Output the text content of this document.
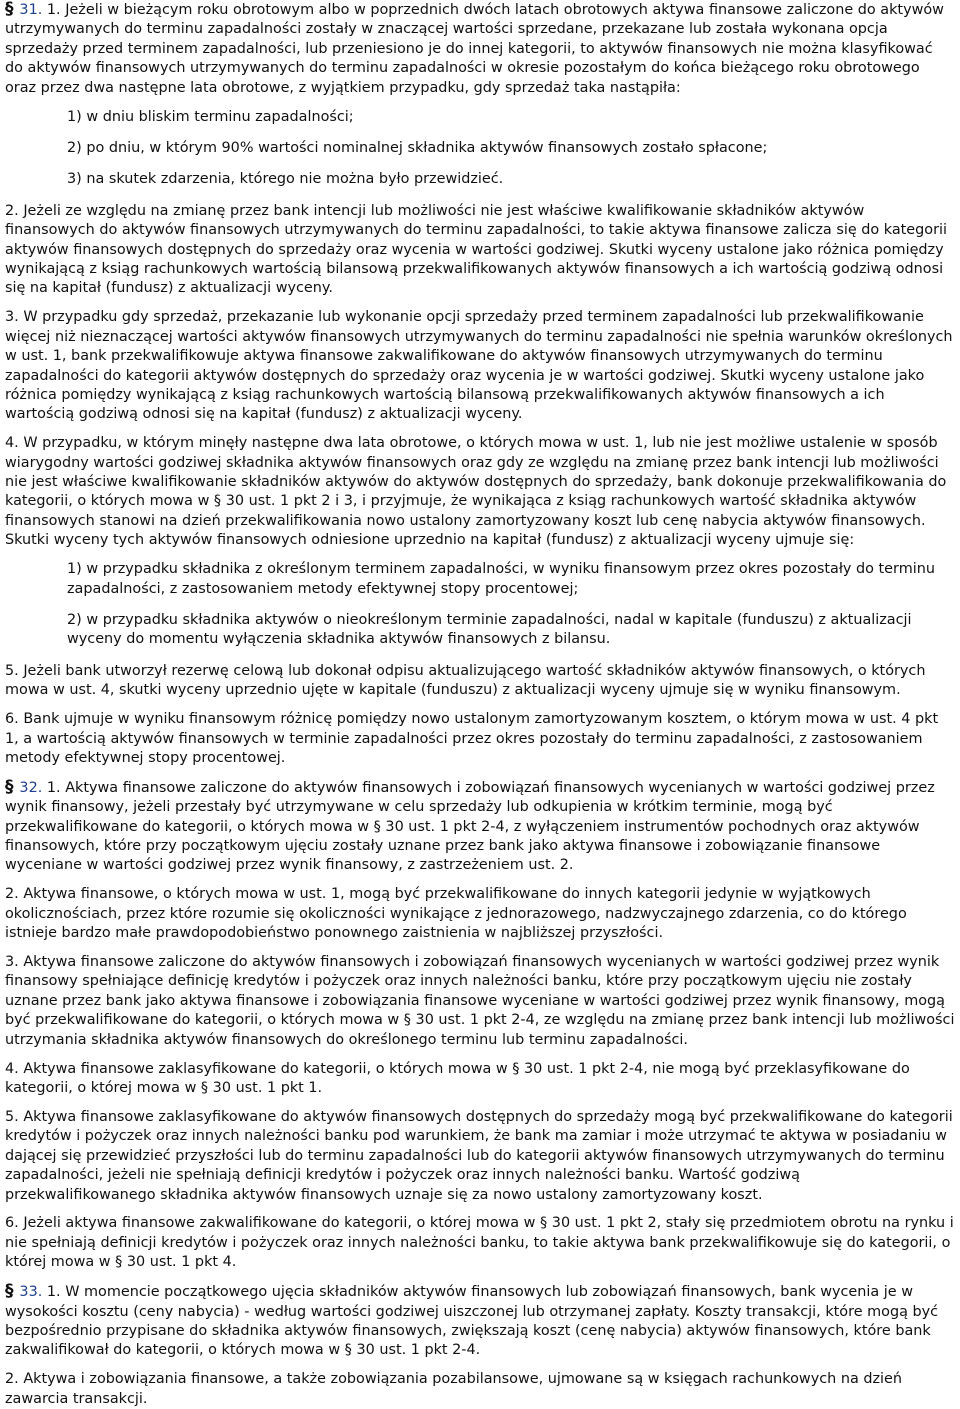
§ 31. 1. Jeżeli w bieżącym roku obrotowym albo w poprzednich dwóch latach obrotowych aktywa finansowe zaliczone do aktywów utrzymywanych do terminu zapadalności zostały w znaczącej wartości sprzedane, przekazane lub została wykonana opcja sprzedaży przed terminem zapadalności, lub przeniesiono je do innej kategorii, to aktywów finansowych nie można klasyfikować do aktywów finansowych utrzymywanych do terminu zapadalności w okresie pozostałym do końca bieżącego roku obrotowego oraz przez dwa następne lata obrotowe, z wyjątkiem przypadku, gdy sprzedaż taka nastąpiła:

1) w dniu bliskim terminu zapadalności;

2) po dniu, w którym 90% wartości nominalnej składnika aktywów finansowych zostało spłacone;

3) na skutek zdarzenia, którego nie można było przewidzieć.

2. Jeżeli ze względu na zmianę przez bank intencji lub możliwości nie jest właściwe kwalifikowanie składników aktywów finansowych do aktywów finansowych utrzymywanych do terminu zapadalności, to takie aktywa finansowe zalicza się do kategorii aktywów finansowych dostępnych do sprzedaży oraz wycenia w wartości godziwej. Skutki wyceny ustalone jako różnica pomiędzy wynikającą z ksiąg rachunkowych wartością bilansową przekwalifikowanych aktywów finansowych a ich wartością godziwą odnosi się na kapitał (fundusz) z aktualizacji wyceny.

3. W przypadku gdy sprzedaż, przekazanie lub wykonanie opcji sprzedaży przed terminem zapadalności lub przekwalifikowanie więcej niż nieznaczącej wartości aktywów finansowych utrzymywanych do terminu zapadalności nie spełnia warunków określonych w ust. 1, bank przekwalifikowuje aktywa finansowe zakwalifikowane do aktywów finansowych utrzymywanych do terminu zapadalności do kategorii aktywów dostępnych do sprzedaży oraz wycenia je w wartości godziwej. Skutki wyceny ustalone jako różnica pomiędzy wynikającą z ksiąg rachunkowych wartością bilansową przekwalifikowanych aktywów finansowych a ich wartością godziwą odnosi się na kapitał (fundusz) z aktualizacji wyceny.

4. W przypadku, w którym minęły następne dwa lata obrotowe, o których mowa w ust. 1, lub nie jest możliwe ustalenie w sposób wiarygodny wartości godziwej składnika aktywów finansowych oraz gdy ze względu na zmianę przez bank intencji lub możliwości nie jest właściwe kwalifikowanie składników aktywów do aktywów dostępnych do sprzedaży, bank dokonuje przekwalifikowania do kategorii, o których mowa w § 30 ust. 1 pkt 2 i 3, i przyjmuje, że wynikająca z ksiąg rachunkowych wartość składnika aktywów finansowych stanowi na dzień przekwalifikowania nowo ustalony zamortyzowany koszt lub cenę nabycia aktywów finansowych. Skutki wyceny tych aktywów finansowych odniesione uprzednio na kapitał (fundusz) z aktualizacji wyceny ujmuje się:

1) w przypadku składnika z określonym terminem zapadalności, w wyniku finansowym przez okres pozostały do terminu zapadalności, z zastosowaniem metody efektywnej stopy procentowej;

2) w przypadku składnika aktywów o nieokreślonym terminie zapadalności, nadal w kapitale (funduszu) z aktualizacji wyceny do momentu wyłączenia składnika aktywów finansowych z bilansu.

5. Jeżeli bank utworzył rezerwę celową lub dokonał odpisu aktualizującego wartość składników aktywów finansowych, o których mowa w ust. 4, skutki wyceny uprzednio ujęte w kapitale (funduszu) z aktualizacji wyceny ujmuje się w wyniku finansowym.

6. Bank ujmuje w wyniku finansowym różnicę pomiędzy nowo ustalonym zamortyzowanym kosztem, o którym mowa w ust. 4 pkt 1, a wartością aktywów finansowych w terminie zapadalności przez okres pozostały do terminu zapadalności, z zastosowaniem metody efektywnej stopy procentowej.

§ 32. 1. Aktywa finansowe zaliczone do aktywów finansowych i zobowiązań finansowych wycenianych w wartości godziwej przez wynik finansowy, jeżeli przestały być utrzymywane w celu sprzedaży lub odkupienia w krótkim terminie, mogą być przekwalifikowane do kategorii, o których mowa w § 30 ust. 1 pkt 2-4, z wyłączeniem instrumentów pochodnych oraz aktywów finansowych, które przy początkowym ujęciu zostały uznane przez bank jako aktywa finansowe i zobowiązanie finansowe wyceniane w wartości godziwej przez wynik finansowy, z zastrzeżeniem ust. 2.

2. Aktywa finansowe, o których mowa w ust. 1, mogą być przekwalifikowane do innych kategorii jedynie w wyjątkowych okolicznościach, przez które rozumie się okoliczności wynikające z jednorazowego, nadzwyczajnego zdarzenia, co do którego istnieje bardzo małe prawdopodobieństwo ponownego zaistnienia w najbliższej przyszłości.

3. Aktywa finansowe zaliczone do aktywów finansowych i zobowiązań finansowych wycenianych w wartości godziwej przez wynik finansowy spełniające definicję kredytów i pożyczek oraz innych należności banku, które przy początkowym ujęciu nie zostały uznane przez bank jako aktywa finansowe i zobowiązania finansowe wyceniane w wartości godziwej przez wynik finansowy, mogą być przekwalifikowane do kategorii, o których mowa w § 30 ust. 1 pkt 2-4, ze względu na zmianę przez bank intencji lub możliwości utrzymania składnika aktywów finansowych do określonego terminu lub terminu zapadalności.

4. Aktywa finansowe zaklasyfikowane do kategorii, o których mowa w § 30 ust. 1 pkt 2-4, nie mogą być przeklasyfikowane do kategorii, o której mowa w § 30 ust. 1 pkt 1.

5. Aktywa finansowe zaklasyfikowane do aktywów finansowych dostępnych do sprzedaży mogą być przekwalifikowane do kategorii kredytów i pożyczek oraz innych należności banku pod warunkiem, że bank ma zamiar i może utrzymać te aktywa w posiadaniu w dającej się przewidzieć przyszłości lub do terminu zapadalności lub do kategorii aktywów finansowych utrzymywanych do terminu zapadalności, jeżeli nie spełniają definicji kredytów i pożyczek oraz innych należności banku. Wartość godziwą przekwalifikowanego składnika aktywów finansowych uznaje się za nowo ustalony zamortyzowany koszt.

6. Jeżeli aktywa finansowe zakwalifikowane do kategorii, o której mowa w § 30 ust. 1 pkt 2, stały się przedmiotem obrotu na rynku i nie spełniają definicji kredytów i pożyczek oraz innych należności banku, to takie aktywa bank przekwalifikowuje się do kategorii, o której mowa w § 30 ust. 1 pkt 4.

§ 33. 1. W momencie początkowego ujęcia składników aktywów finansowych lub zobowiązań finansowych, bank wycenia je w wysokości kosztu (ceny nabycia) - według wartości godziwej uiszczonej lub otrzymanej zapłaty. Koszty transakcji, które mogą być bezpośrednio przypisane do składnika aktywów finansowych, zwiększają koszt (cenę nabycia) aktywów finansowych, które bank zakwalifikował do kategorii, o których mowa w § 30 ust. 1 pkt 2-4.

2. Aktywa i zobowiązania finansowe, a także zobowiązania pozabilansowe, ujmowane są w księgach rachunkowych na dzień zawarcia transakcji.
